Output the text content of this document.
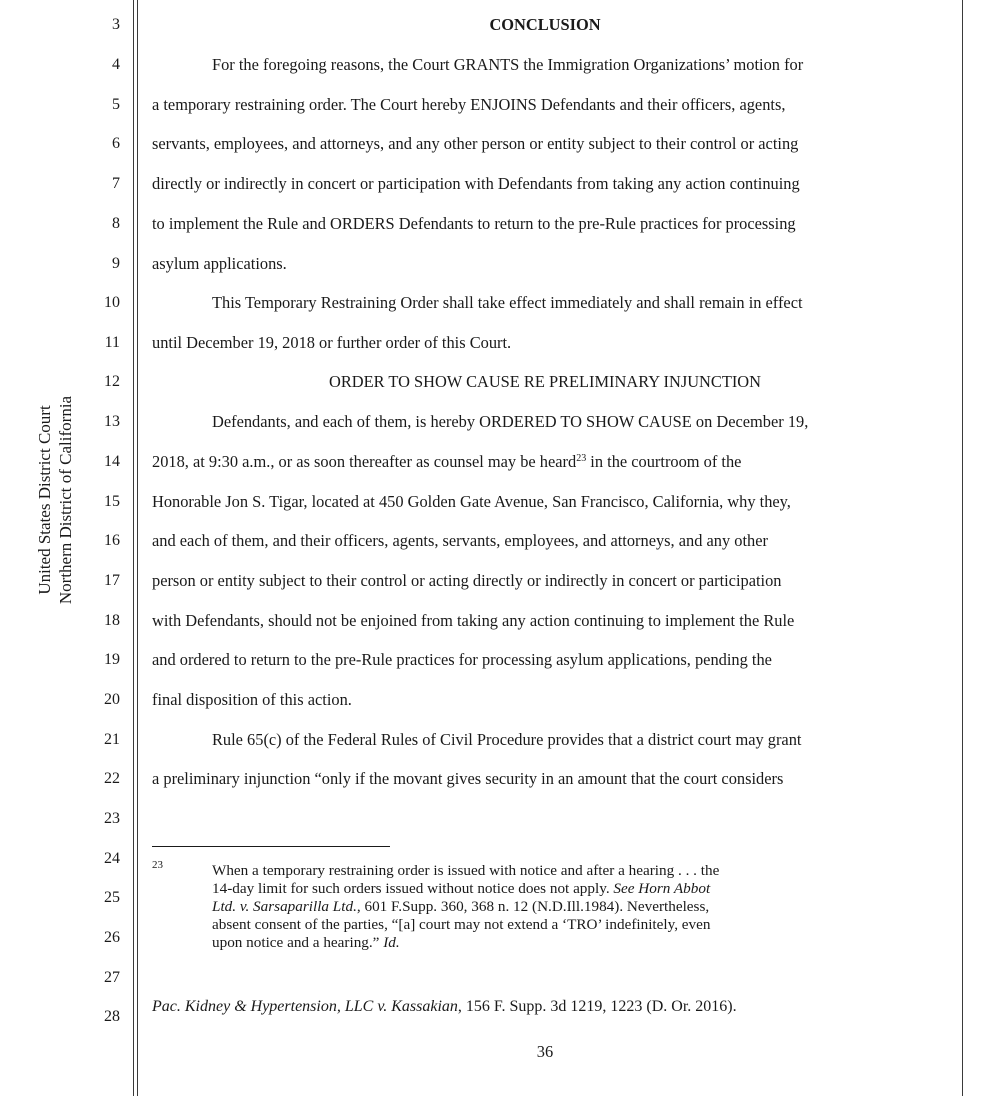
United States District Court Northern District of California
3
4
5
6
7
8
9
10
11
12
13
14
15
16
17
18
19
20
21
22
23
24
25
26
27
28
CONCLUSION
For the foregoing reasons, the Court GRANTS the Immigration Organizations’ motion for
a temporary restraining order. The Court hereby ENJOINS Defendants and their officers, agents,
servants, employees, and attorneys, and any other person or entity subject to their control or acting
directly or indirectly in concert or participation with Defendants from taking any action continuing
to implement the Rule and ORDERS Defendants to return to the pre-Rule practices for processing
asylum applications.
This Temporary Restraining Order shall take effect immediately and shall remain in effect
until December 19, 2018 or further order of this Court.
ORDER TO SHOW CAUSE RE PRELIMINARY INJUNCTION
Defendants, and each of them, is hereby ORDERED TO SHOW CAUSE on December 19,
2018, at 9:30 a.m., or as soon thereafter as counsel may be heard$^{23}$ in the courtroom of the
Honorable Jon S. Tigar, located at 450 Golden Gate Avenue, San Francisco, California, why they,
and each of them, and their officers, agents, servants, employees, and attorneys, and any other
person or entity subject to their control or acting directly or indirectly in concert or participation
with Defendants, should not be enjoined from taking any action continuing to implement the Rule
and ordered to return to the pre-Rule practices for processing asylum applications, pending the
final disposition of this action.
Rule 65(c) of the Federal Rules of Civil Procedure provides that a district court may grant
a preliminary injunction “only if the movant gives security in an amount that the court considers
23	When a temporary restraining order is issued with notice and after a hearing . . . the
14-day limit for such orders issued without notice does not apply. See Horn Abbot
Ltd. v. Sarsaparilla Ltd., 601 F.Supp. 360, 368 n. 12 (N.D.Ill.1984). Nevertheless,
absent consent of the parties, “[a] court may not extend a ‘TRO’ indefinitely, even
upon notice and a hearing.” Id.
Pac. Kidney & Hypertension, LLC v. Kassakian, 156 F. Supp. 3d 1219, 1223 (D. Or. 2016).
36
